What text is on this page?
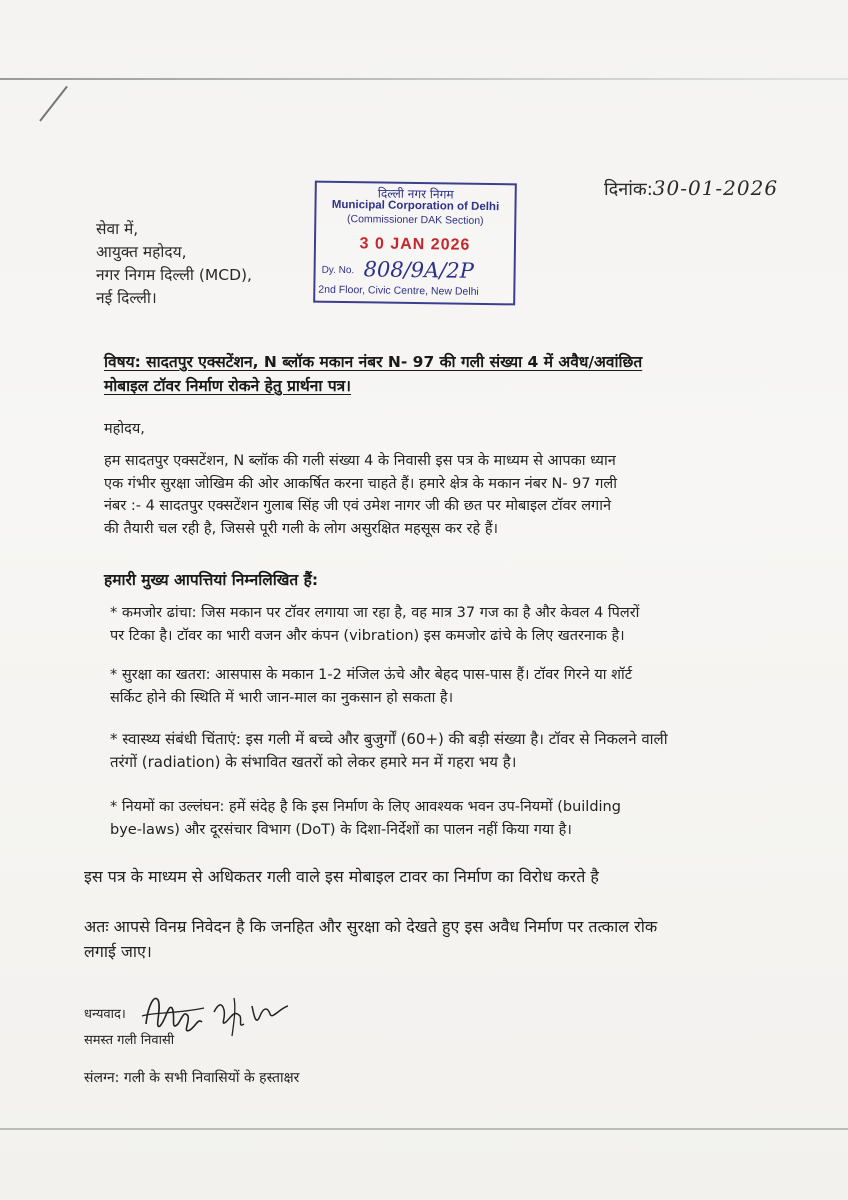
दिनांक:30-01-2026
सेवा में,
आयुक्त महोदय,
नगर निगम दिल्ली (MCD),
नई दिल्ली।
दिल्ली नगर निगम
Municipal Corporation of Delhi
(Commissioner DAK Section)
3 0 JAN 2026
Dy. No. 808/9A/2P
2nd Floor, Civic Centre, New Delhi
विषय: सादतपुर एक्सटेंशन, N ब्लॉक मकान नंबर N- 97 की गली संख्या 4 में अवैध/अवांछित
मोबाइल टॉवर निर्माण रोकने हेतु प्रार्थना पत्र।
महोदय,
हम सादतपुर एक्सटेंशन, N ब्लॉक की गली संख्या 4 के निवासी इस पत्र के माध्यम से आपका ध्यान
एक गंभीर सुरक्षा जोखिम की ओर आकर्षित करना चाहते हैं। हमारे क्षेत्र के मकान नंबर N- 97 गली
नंबर :- 4 सादतपुर एक्सटेंशन गुलाब सिंह जी एवं उमेश नागर जी की छत पर मोबाइल टॉवर लगाने
की तैयारी चल रही है, जिससे पूरी गली के लोग असुरक्षित महसूस कर रहे हैं।
हमारी मुख्य आपत्तियां निम्नलिखित हैं:
* कमजोर ढांचा: जिस मकान पर टॉवर लगाया जा रहा है, वह मात्र 37 गज का है और केवल 4 पिलरों
पर टिका है। टॉवर का भारी वजन और कंपन (vibration) इस कमजोर ढांचे के लिए खतरनाक है।
* सुरक्षा का खतरा: आसपास के मकान 1-2 मंजिल ऊंचे और बेहद पास-पास हैं। टॉवर गिरने या शॉर्ट
सर्किट होने की स्थिति में भारी जान-माल का नुकसान हो सकता है।
* स्वास्थ्य संबंधी चिंताएं: इस गली में बच्चे और बुजुर्गों (60+) की बड़ी संख्या है। टॉवर से निकलने वाली
तरंगों (radiation) के संभावित खतरों को लेकर हमारे मन में गहरा भय है।
* नियमों का उल्लंघन: हमें संदेह है कि इस निर्माण के लिए आवश्यक भवन उप-नियमों (building
bye-laws) और दूरसंचार विभाग (DoT) के दिशा-निर्देशों का पालन नहीं किया गया है।
इस पत्र के माध्यम से अधिकतर गली वाले इस मोबाइल टावर का निर्माण का विरोध करते है
अतः आपसे विनम्र निवेदन है कि जनहित और सुरक्षा को देखते हुए इस अवैध निर्माण पर तत्काल रोक
लगाई जाए।
धन्यवाद।
समस्त गली निवासी
संलग्न: गली के सभी निवासियों के हस्ताक्षर
